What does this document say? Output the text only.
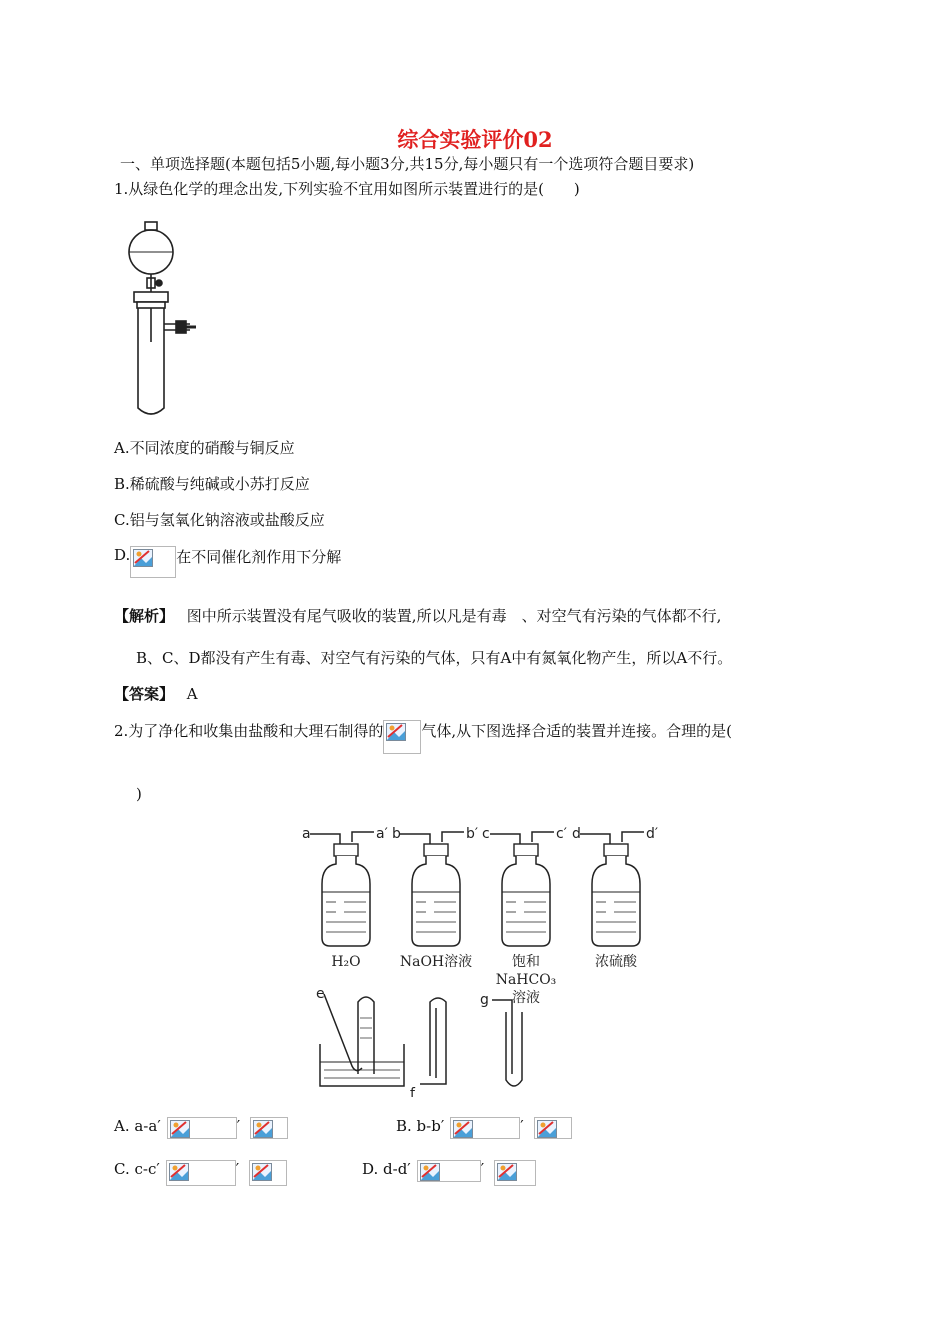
综合实验评价02
一、单项选择题(本题包括5小题,每小题3分,共15分,每小题只有一个选项符合题目要求)
1.从绿色化学的理念出发,下列实验不宜用如图所示装置进行的是(　　)
A.不同浓度的硝酸与铜反应
B.稀硫酸与纯碱或小苏打反应
C.铝与氢氧化钠溶液或盐酸反应
D.	在不同催化剂作用下分解
【解析】 图中所示装置没有尾气吸收的装置,所以凡是有毒　、对空气有污染的气体都不行,
B、C、D都没有产生有毒、对空气有污染的气体，只有A中有氮氧化物产生，所以A不行。
【答案】 A
2.为了净化和收集由盐酸和大理石制得的	气体,从下图选择合适的装置并连接。合理的是(
)
a	a′ b	b′ c	c′ d	d′
H₂O	NaOH溶液	饱和
NaHCO₃
溶液
浓硫酸
e
f
g
A. a-a′	′	B. b-b′	′
C. c-c′	′	D. d-d′	′
